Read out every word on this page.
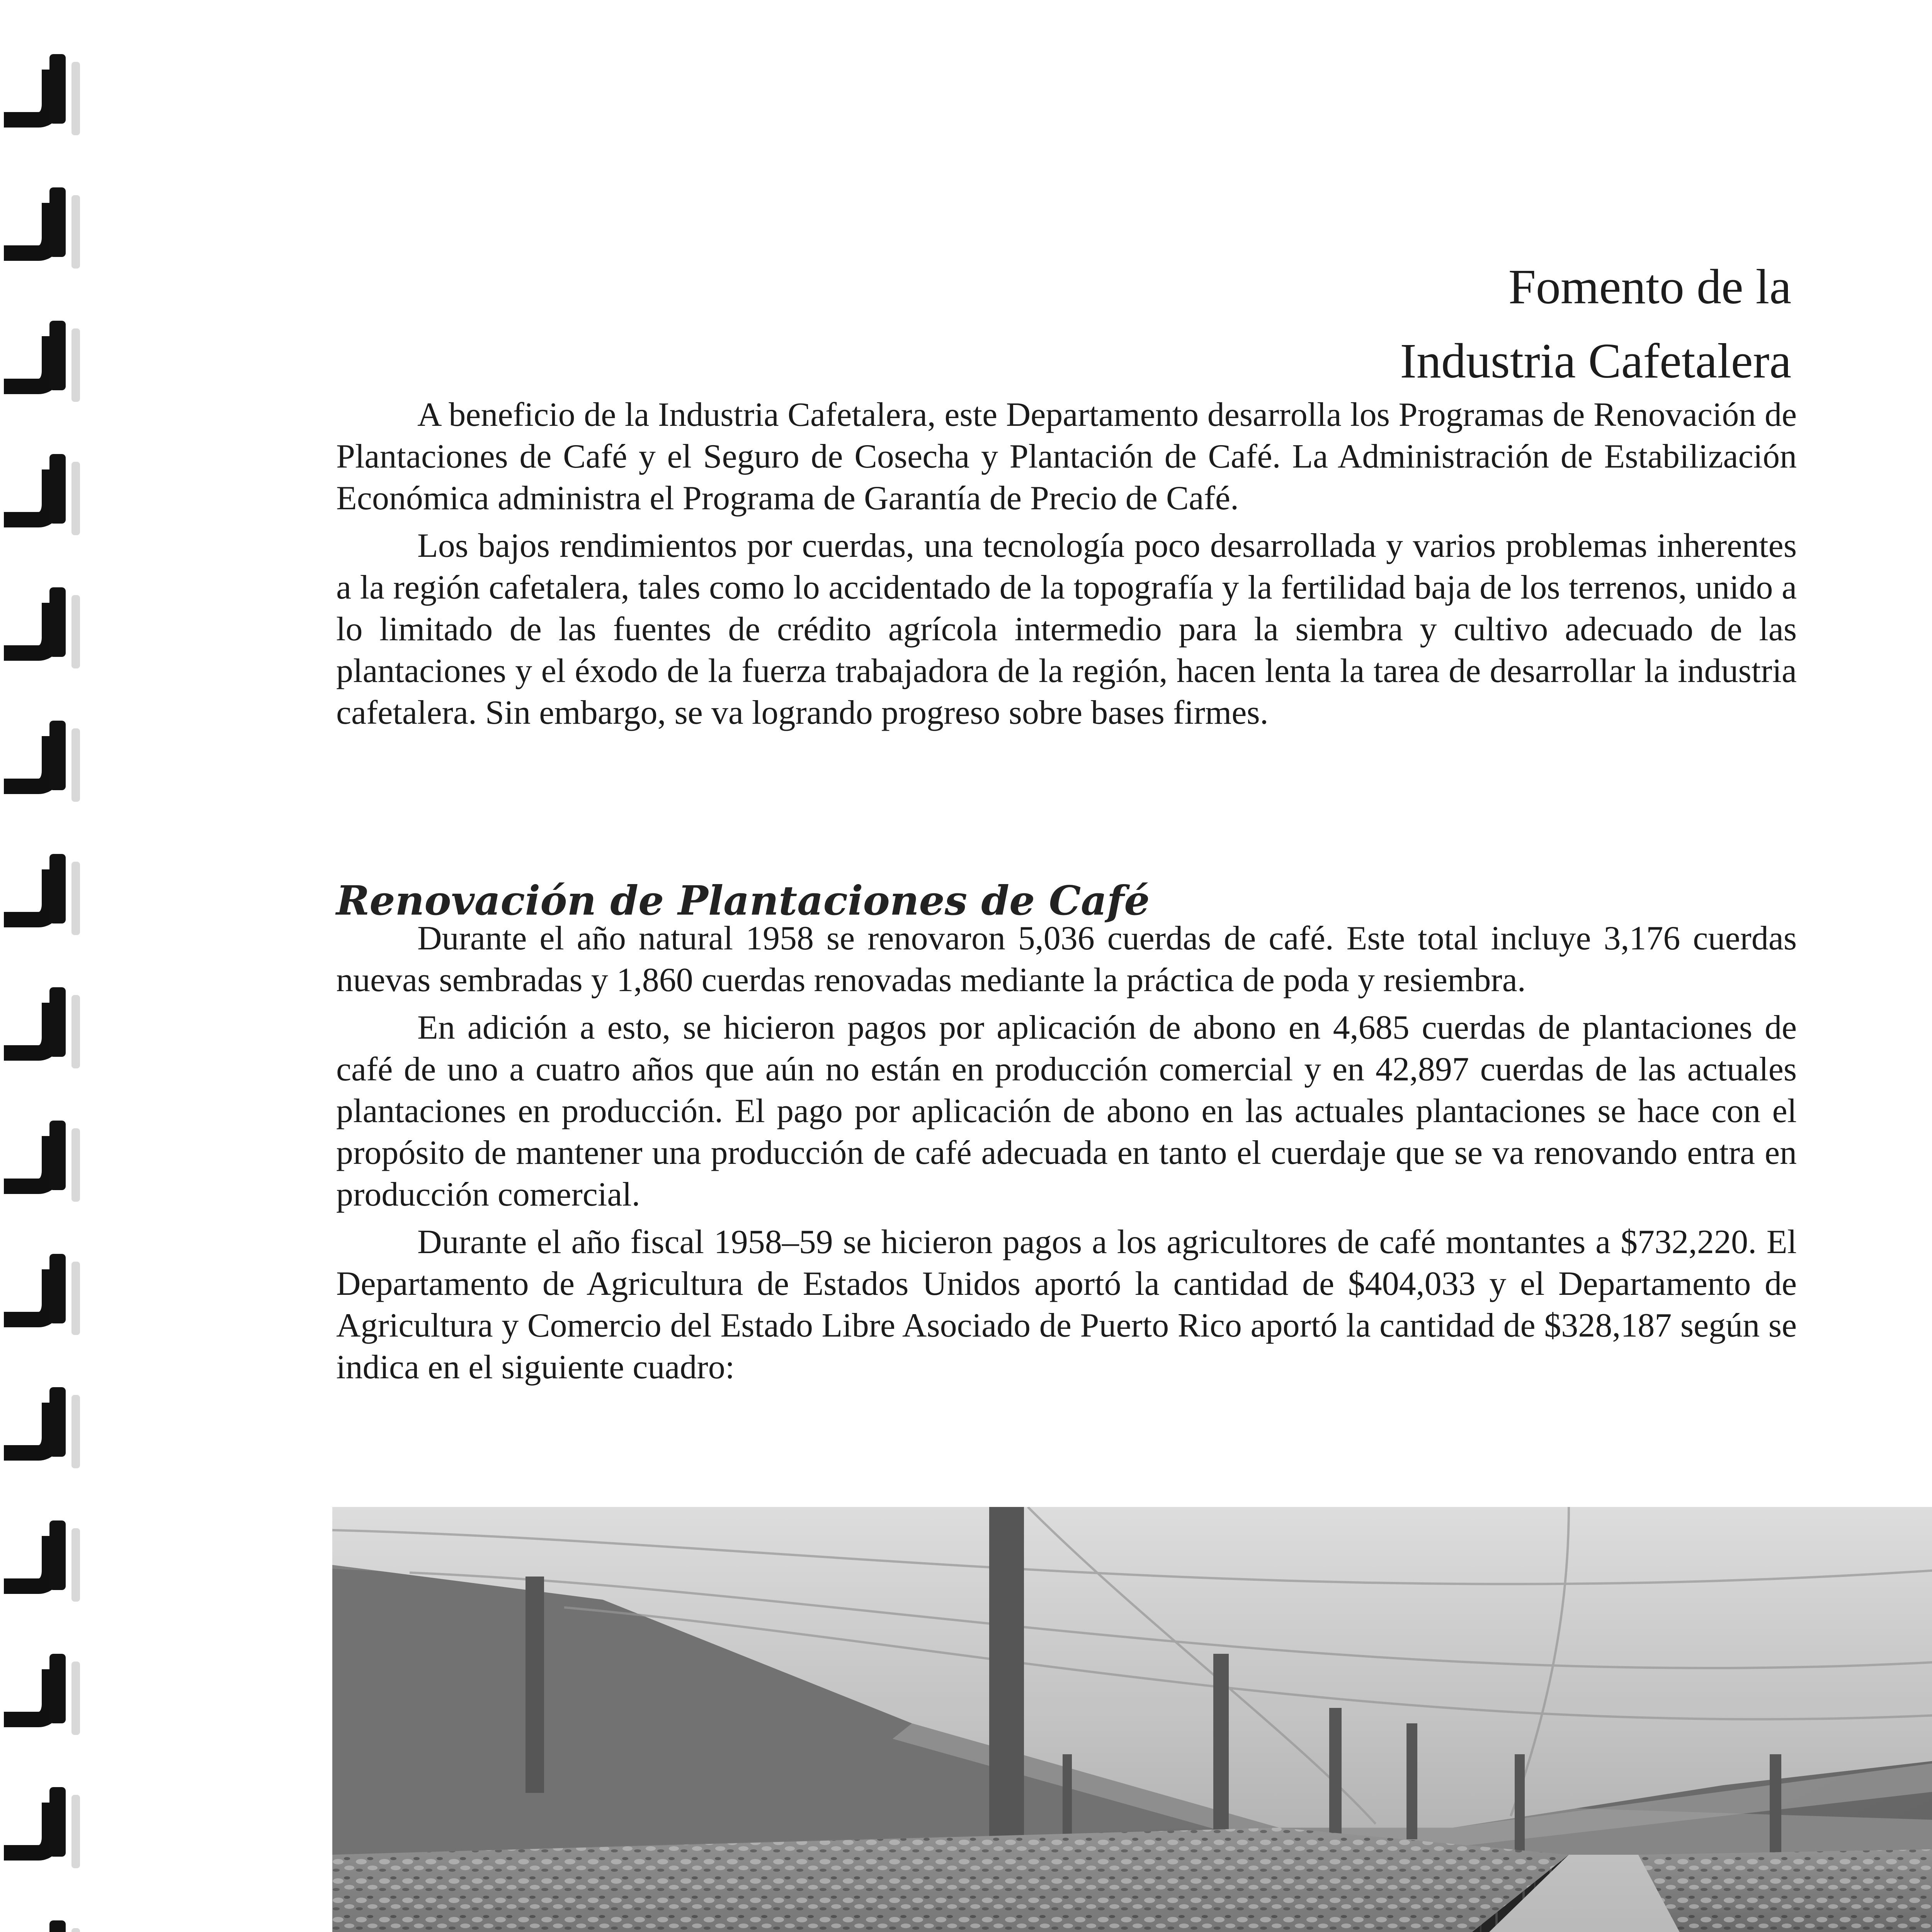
Fomento de la
Industria Cafetalera

A beneficio de la Industria Cafetalera, este Departamento desarrolla los Programas de Renovación de Plantaciones de Café y el Seguro de Cosecha y Plantación de Café. La Administración de Estabilización Económica administra el Programa de Garantía de Precio de Café.

Los bajos rendimientos por cuerdas, una tecnología poco desarrollada y varios problemas inherentes a la región cafetalera, tales como lo accidentado de la topografía y la fertilidad baja de los terrenos, unido a lo limitado de las fuentes de crédito agrícola intermedio para la siembra y cultivo adecuado de las plantaciones y el éxodo de la fuerza trabajadora de la región, hacen lenta la tarea de desarrollar la industria cafetalera. Sin embargo, se va logrando progreso sobre bases firmes.

Renovación de Plantaciones de Café

Durante el año natural 1958 se renovaron 5,036 cuerdas de café. Este total incluye 3,176 cuerdas nuevas sembradas y 1,860 cuerdas renovadas mediante la práctica de poda y resiembra.

En adición a esto, se hicieron pagos por aplicación de abono en 4,685 cuerdas de plantaciones de café de uno a cuatro años que aún no están en producción comercial y en 42,897 cuerdas de las actuales plantaciones en producción. El pago por aplicación de abono en las actuales plantaciones se hace con el propósito de mantener una producción de café adecuada en tanto el cuerdaje que se va renovando entra en producción comercial.

Durante el año fiscal 1958–59 se hicieron pagos a los agricultores de café montantes a $732,220. El Departamento de Agricultura de Estados Unidos aportó la cantidad de $404,033 y el Departamento de Agricultura y Comercio del Estado Libre Asociado de Puerto Rico aportó la cantidad de $328,187 según se indica en el siguiente cuadro:
